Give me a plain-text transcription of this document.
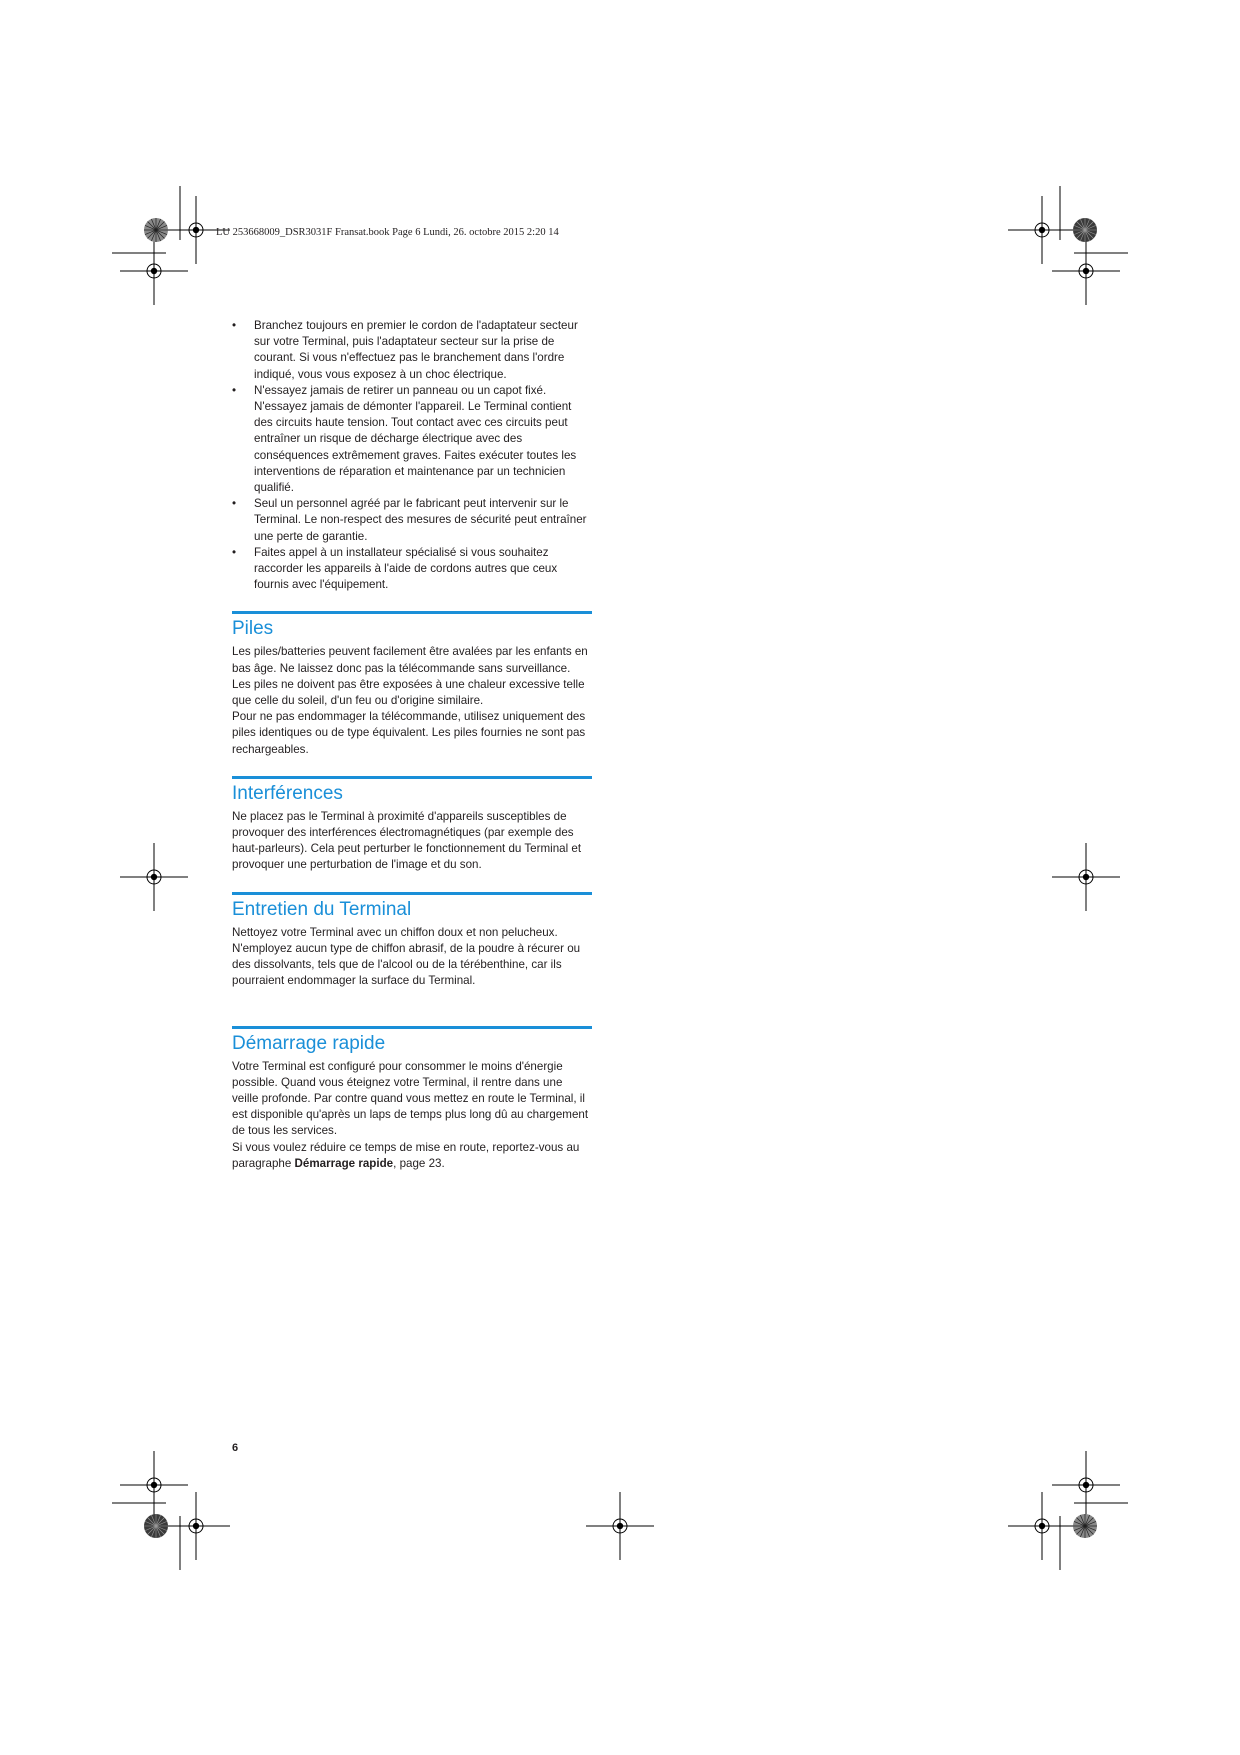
LU 253668009_DSR3031F Fransat.book Page 6 Lundi, 26. octobre 2015 2:20 14
• Branchez toujours en premier le cordon de l'adaptateur secteur sur votre Terminal, puis l'adaptateur secteur sur la prise de courant. Si vous n'effectuez pas le branchement dans l'ordre indiqué, vous vous exposez à un choc électrique.
• N'essayez jamais de retirer un panneau ou un capot fixé. N'essayez jamais de démonter l'appareil. Le Terminal contient des circuits haute tension. Tout contact avec ces circuits peut entraîner un risque de décharge électrique avec des conséquences extrêmement graves. Faites exécuter toutes les interventions de réparation et maintenance par un technicien qualifié.
• Seul un personnel agréé par le fabricant peut intervenir sur le Terminal. Le non-respect des mesures de sécurité peut entraîner une perte de garantie.
• Faites appel à un installateur spécialisé si vous souhaitez raccorder les appareils à l'aide de cordons autres que ceux fournis avec l'équipement.
Piles

Les piles/batteries peuvent facilement être avalées par les enfants en bas âge. Ne laissez donc pas la télécommande sans surveillance.

Les piles ne doivent pas être exposées à une chaleur excessive telle que celle du soleil, d'un feu ou d'origine similaire.

Pour ne pas endommager la télécommande, utilisez uniquement des piles identiques ou de type équivalent. Les piles fournies ne sont pas rechargeables.

Interférences

Ne placez pas le Terminal à proximité d'appareils susceptibles de provoquer des interférences électromagnétiques (par exemple des haut-parleurs). Cela peut perturber le fonctionnement du Terminal et provoquer une perturbation de l'image et du son.

Entretien du Terminal

Nettoyez votre Terminal avec un chiffon doux et non pelucheux. N'employez aucun type de chiffon abrasif, de la poudre à récurer ou des dissolvants, tels que de l'alcool ou de la térébenthine, car ils pourraient endommager la surface du Terminal.

Démarrage rapide

Votre Terminal est configuré pour consommer le moins d'énergie possible. Quand vous éteignez votre Terminal, il rentre dans une veille profonde. Par contre quand vous mettez en route le Terminal, il est disponible qu'après un laps de temps plus long dû au chargement de tous les services.

Si vous voulez réduire ce temps de mise en route, reportez-vous au paragraphe Démarrage rapide, page 23.

6
